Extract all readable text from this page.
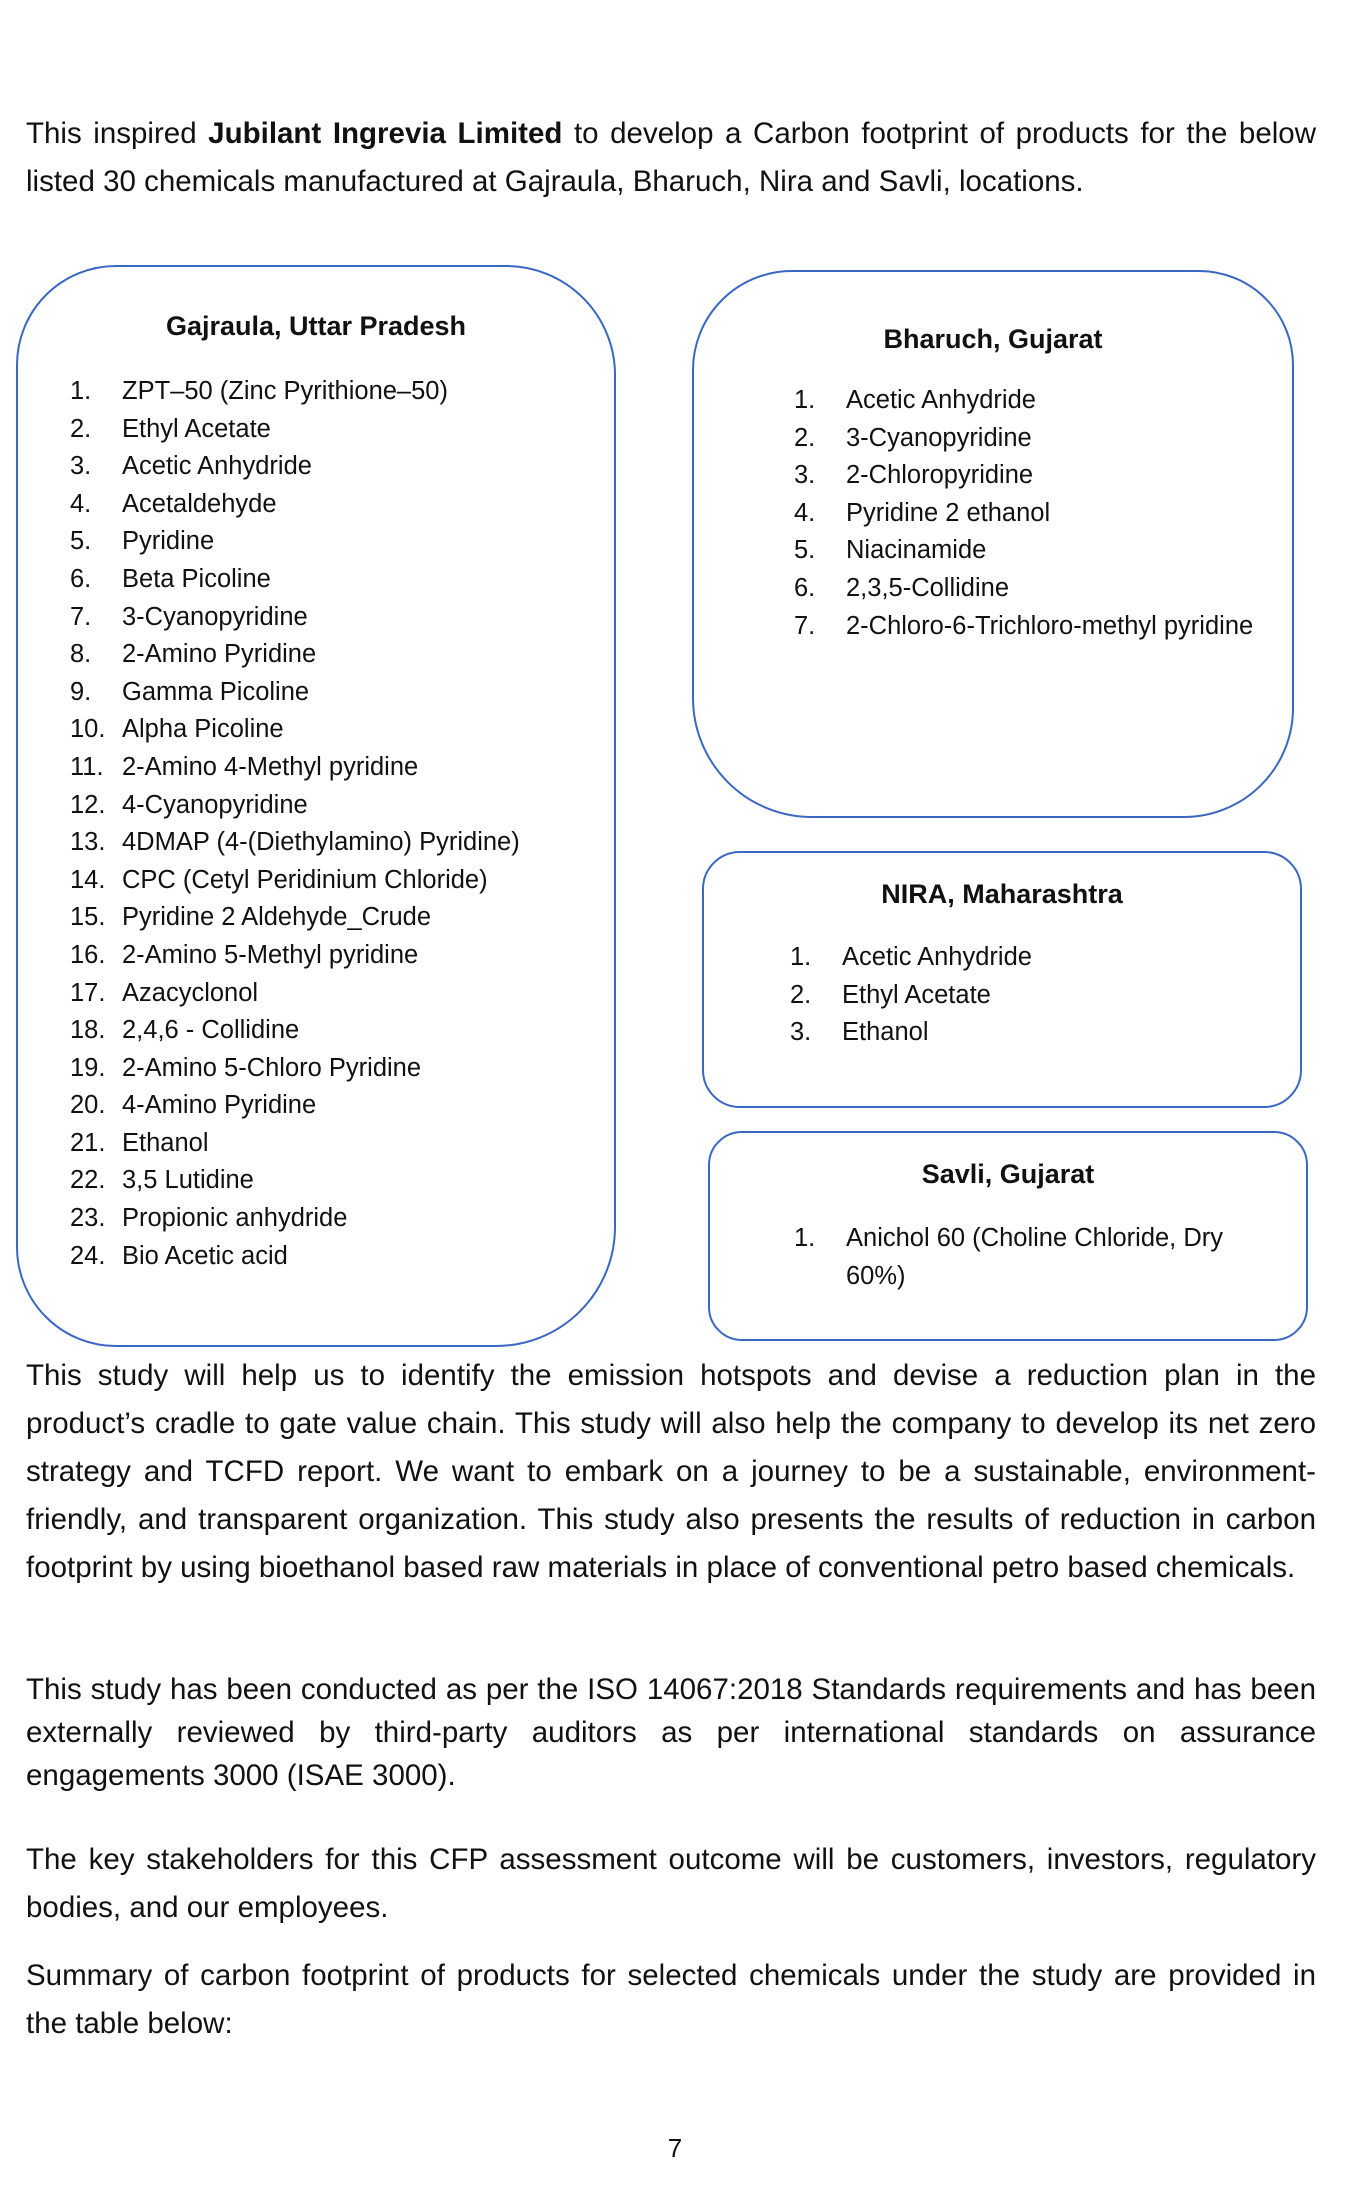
This inspired Jubilant Ingrevia Limited to develop a Carbon footprint of products for the below listed 30 chemicals manufactured at Gajraula, Bharuch, Nira and Savli, locations.

Gajraula, Uttar Pradesh
1. ZPT–50 (Zinc Pyrithione–50)
2. Ethyl Acetate
3. Acetic Anhydride
4. Acetaldehyde
5. Pyridine
6. Beta Picoline
7. 3-Cyanopyridine
8. 2-Amino Pyridine
9. Gamma Picoline
10. Alpha Picoline
11. 2-Amino 4-Methyl pyridine
12. 4-Cyanopyridine
13. 4DMAP (4-(Diethylamino) Pyridine)
14. CPC (Cetyl Peridinium Chloride)
15. Pyridine 2 Aldehyde_Crude
16. 2-Amino 5-Methyl pyridine
17. Azacyclonol
18. 2,4,6 - Collidine
19. 2-Amino 5-Chloro Pyridine
20. 4-Amino Pyridine
21. Ethanol
22. 3,5 Lutidine
23. Propionic anhydride
24. Bio Acetic acid
Bharuch, Gujarat
1. Acetic Anhydride
2. 3-Cyanopyridine
3. 2-Chloropyridine
4. Pyridine 2 ethanol
5. Niacinamide
6. 2,3,5-Collidine
7. 2-Chloro-6-Trichloro-methyl pyridine
NIRA, Maharashtra
1. Acetic Anhydride
2. Ethyl Acetate
3. Ethanol
Savli, Gujarat
1. Anichol 60 (Choline Chloride, Dry 60%)

This study will help us to identify the emission hotspots and devise a reduction plan in the product’s cradle to gate value chain. This study will also help the company to develop its net zero strategy and TCFD report. We want to embark on a journey to be a sustainable, environment-friendly, and transparent organization. This study also presents the results of reduction in carbon footprint by using bioethanol based raw materials in place of conventional petro based chemicals.

This study has been conducted as per the ISO 14067:2018 Standards requirements and has been externally reviewed by third-party auditors as per international standards on assurance engagements 3000 (ISAE 3000).

The key stakeholders for this CFP assessment outcome will be customers, investors, regulatory bodies, and our employees.

Summary of carbon footprint of products for selected chemicals under the study are provided in the table below:

7
